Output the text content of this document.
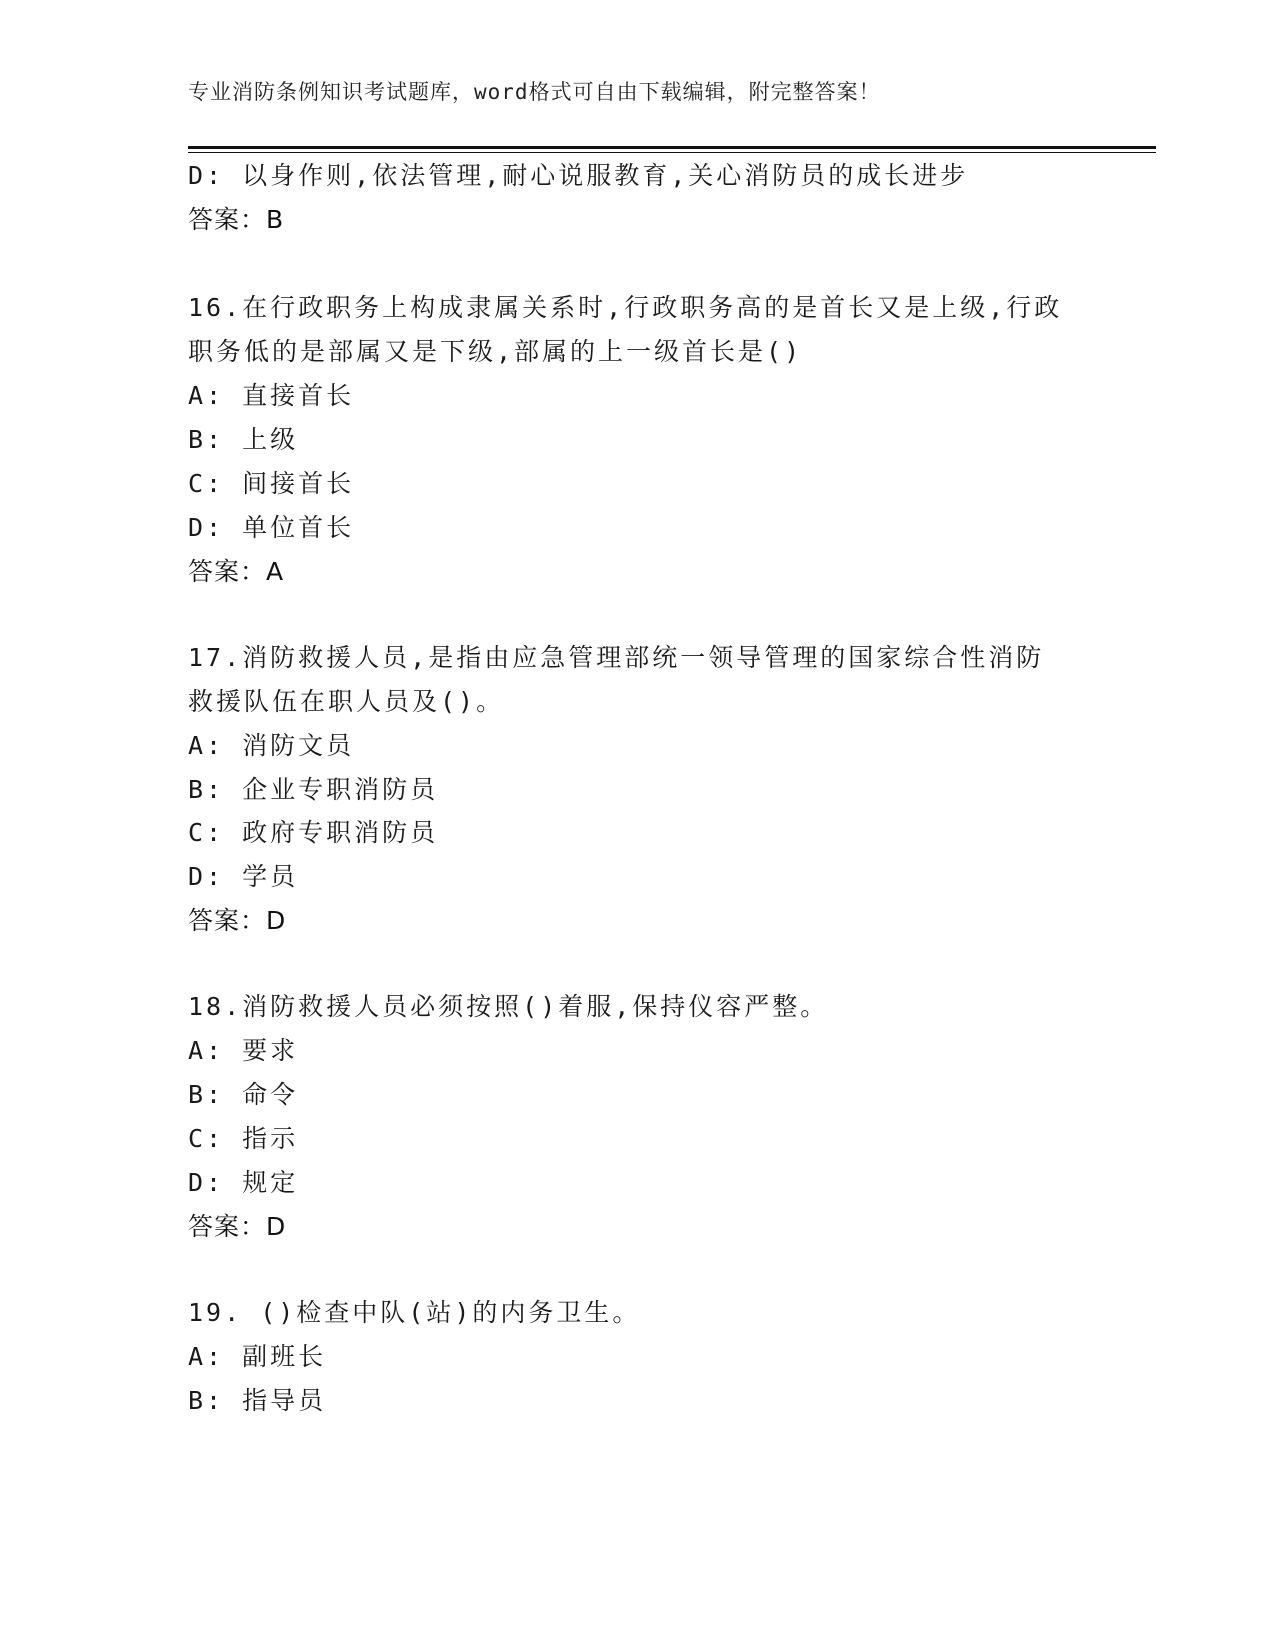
专业消防条例知识考试题库，word格式可自由下载编辑，附完整答案！
D: 以身作则,依法管理,耐心说服教育,关心消防员的成长进步
答案：B
16.在行政职务上构成隶属关系时,行政职务高的是首长又是上级,行政
职务低的是部属又是下级,部属的上一级首长是()
A: 直接首长
B: 上级
C: 间接首长
D: 单位首长
答案：A
17.消防救援人员,是指由应急管理部统一领导管理的国家综合性消防
救援队伍在职人员及()。
A: 消防文员
B: 企业专职消防员
C: 政府专职消防员
D: 学员
答案：D
18.消防救援人员必须按照()着服,保持仪容严整。
A: 要求
B: 命令
C: 指示
D: 规定
答案：D
19. ()检查中队(站)的内务卫生。
A: 副班长
B: 指导员
